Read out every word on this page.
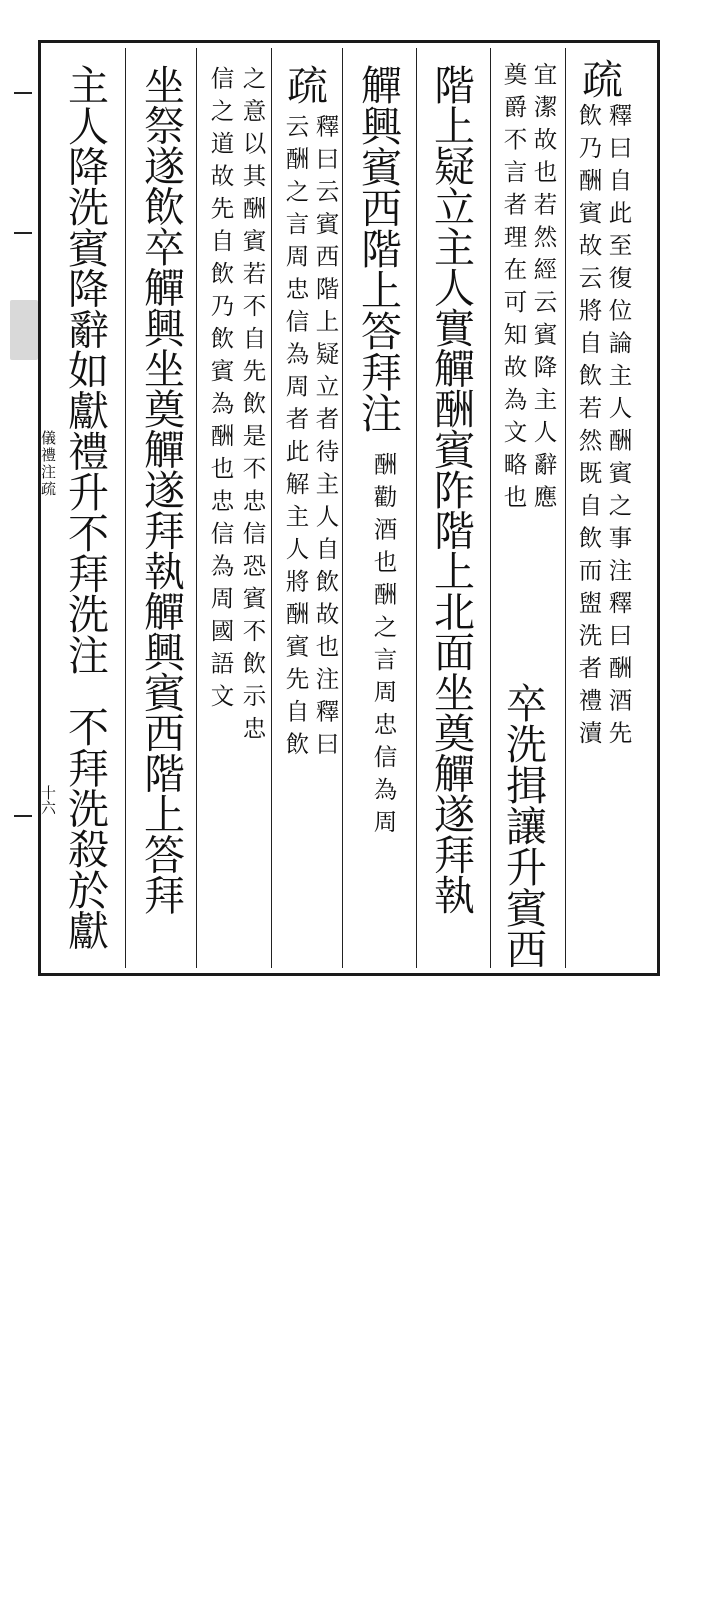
儀禮注疏
十六
疏
釋曰自此至復位論主人酬賓之事注釋曰酬酒先
飲乃酬賓故云將自飲若然既自飲而盥洗者禮瀆
宜潔故也若然經云賓降主人辭應
奠爵不言者理在可知故為文略也
卒洗揖讓升賓西
階上疑立主人實觶酬賓阼階上北面坐奠觶遂拜執
觶興賓西階上答拜注
酬勸酒也酬之言周忠信為周
疏
釋曰云賓西階上疑立者待主人自飲故也注釋曰
云酬之言周忠信為周者此解主人將酬賓先自飲
之意以其酬賓若不自先飲是不忠信恐賓不飲示忠
信之道故先自飲乃飲賓為酬也忠信為周國語文
坐祭遂飲卒觶興坐奠觶遂拜執觶興賓西階上答拜
主人降洗賓降辭如獻禮升不拜洗注
不拜洗殺於獻
